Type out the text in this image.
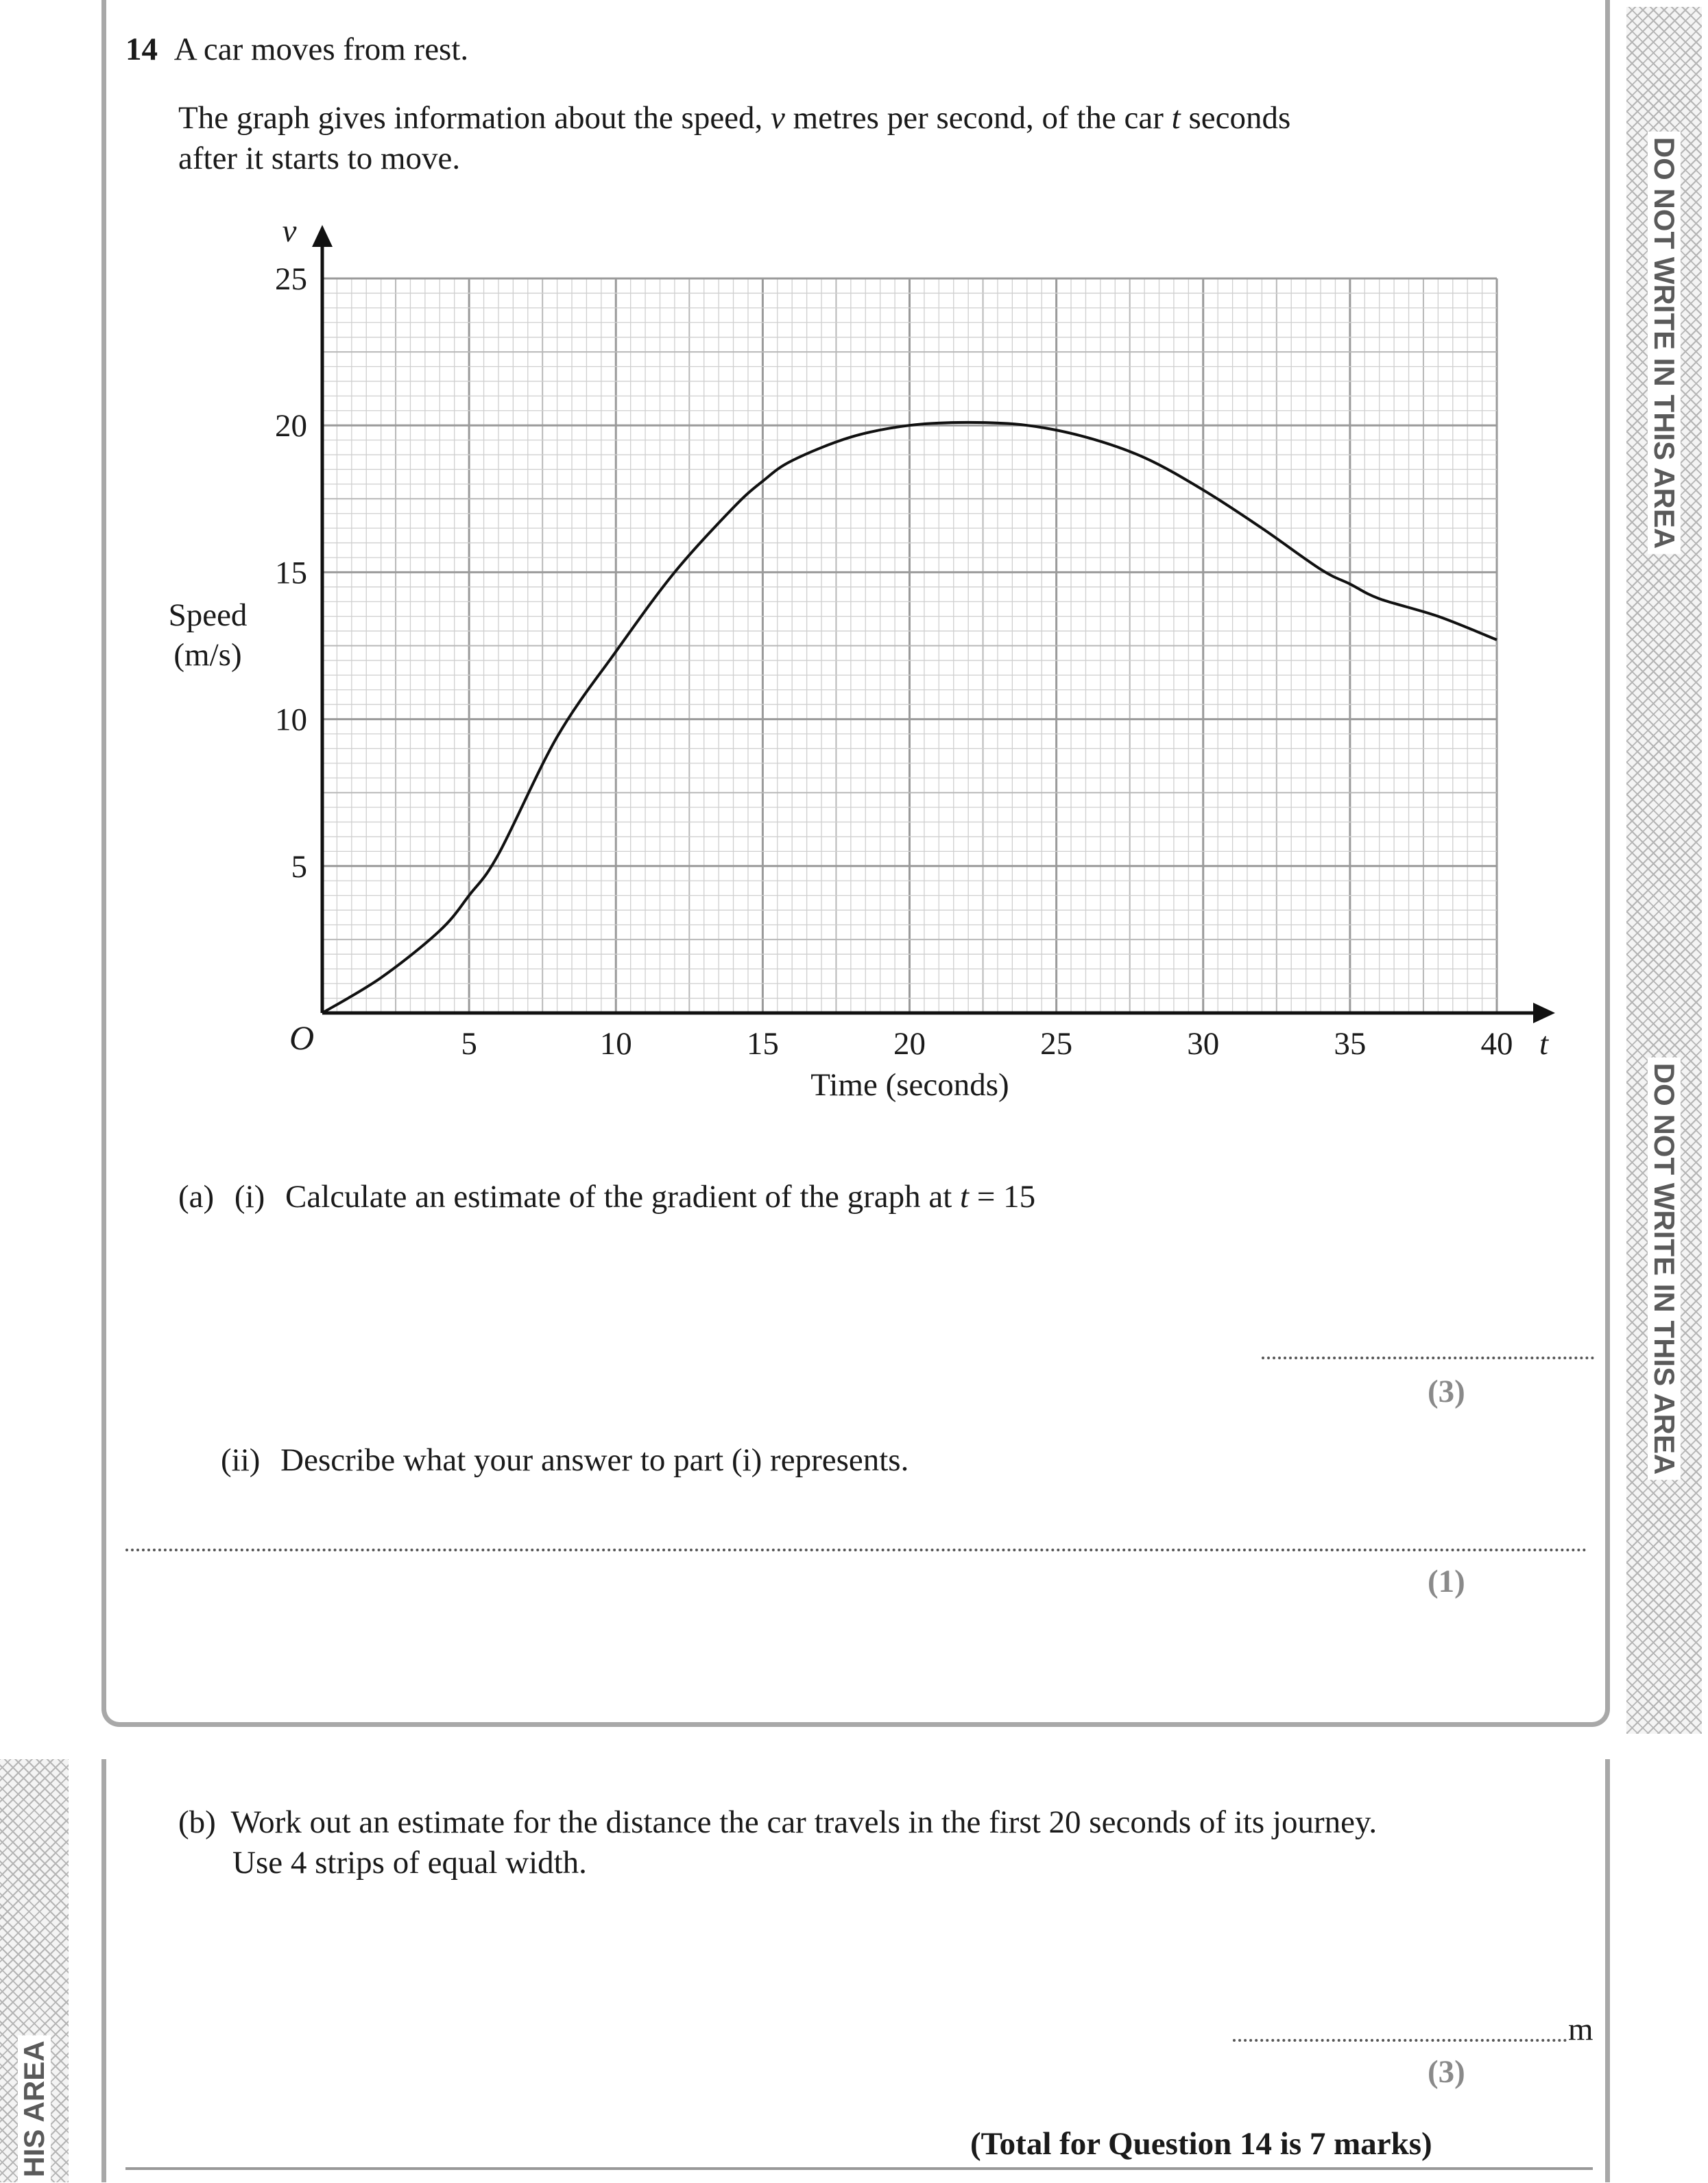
DO NOT WRITE IN THIS AREA
DO NOT WRITE IN THIS AREA
HIS AREA
14 A car moves from rest.
The graph gives information about the speed, v metres per second, of the car t seconds
after it starts to move.
5	10	15	20	25	30	35	40
5
10
15
20
25
O	t
v
Time (seconds)
Speed (m/s)
(a) (i) Calculate an estimate of the gradient of the graph at t = 15
(3)
(ii) Describe what your answer to part (i) represents.
(1)
(b) Work out an estimate for the distance the car travels in the first 20 seconds of its journey.
Use 4 strips of equal width.
m
(3)
(Total for Question 14 is 7 marks)
